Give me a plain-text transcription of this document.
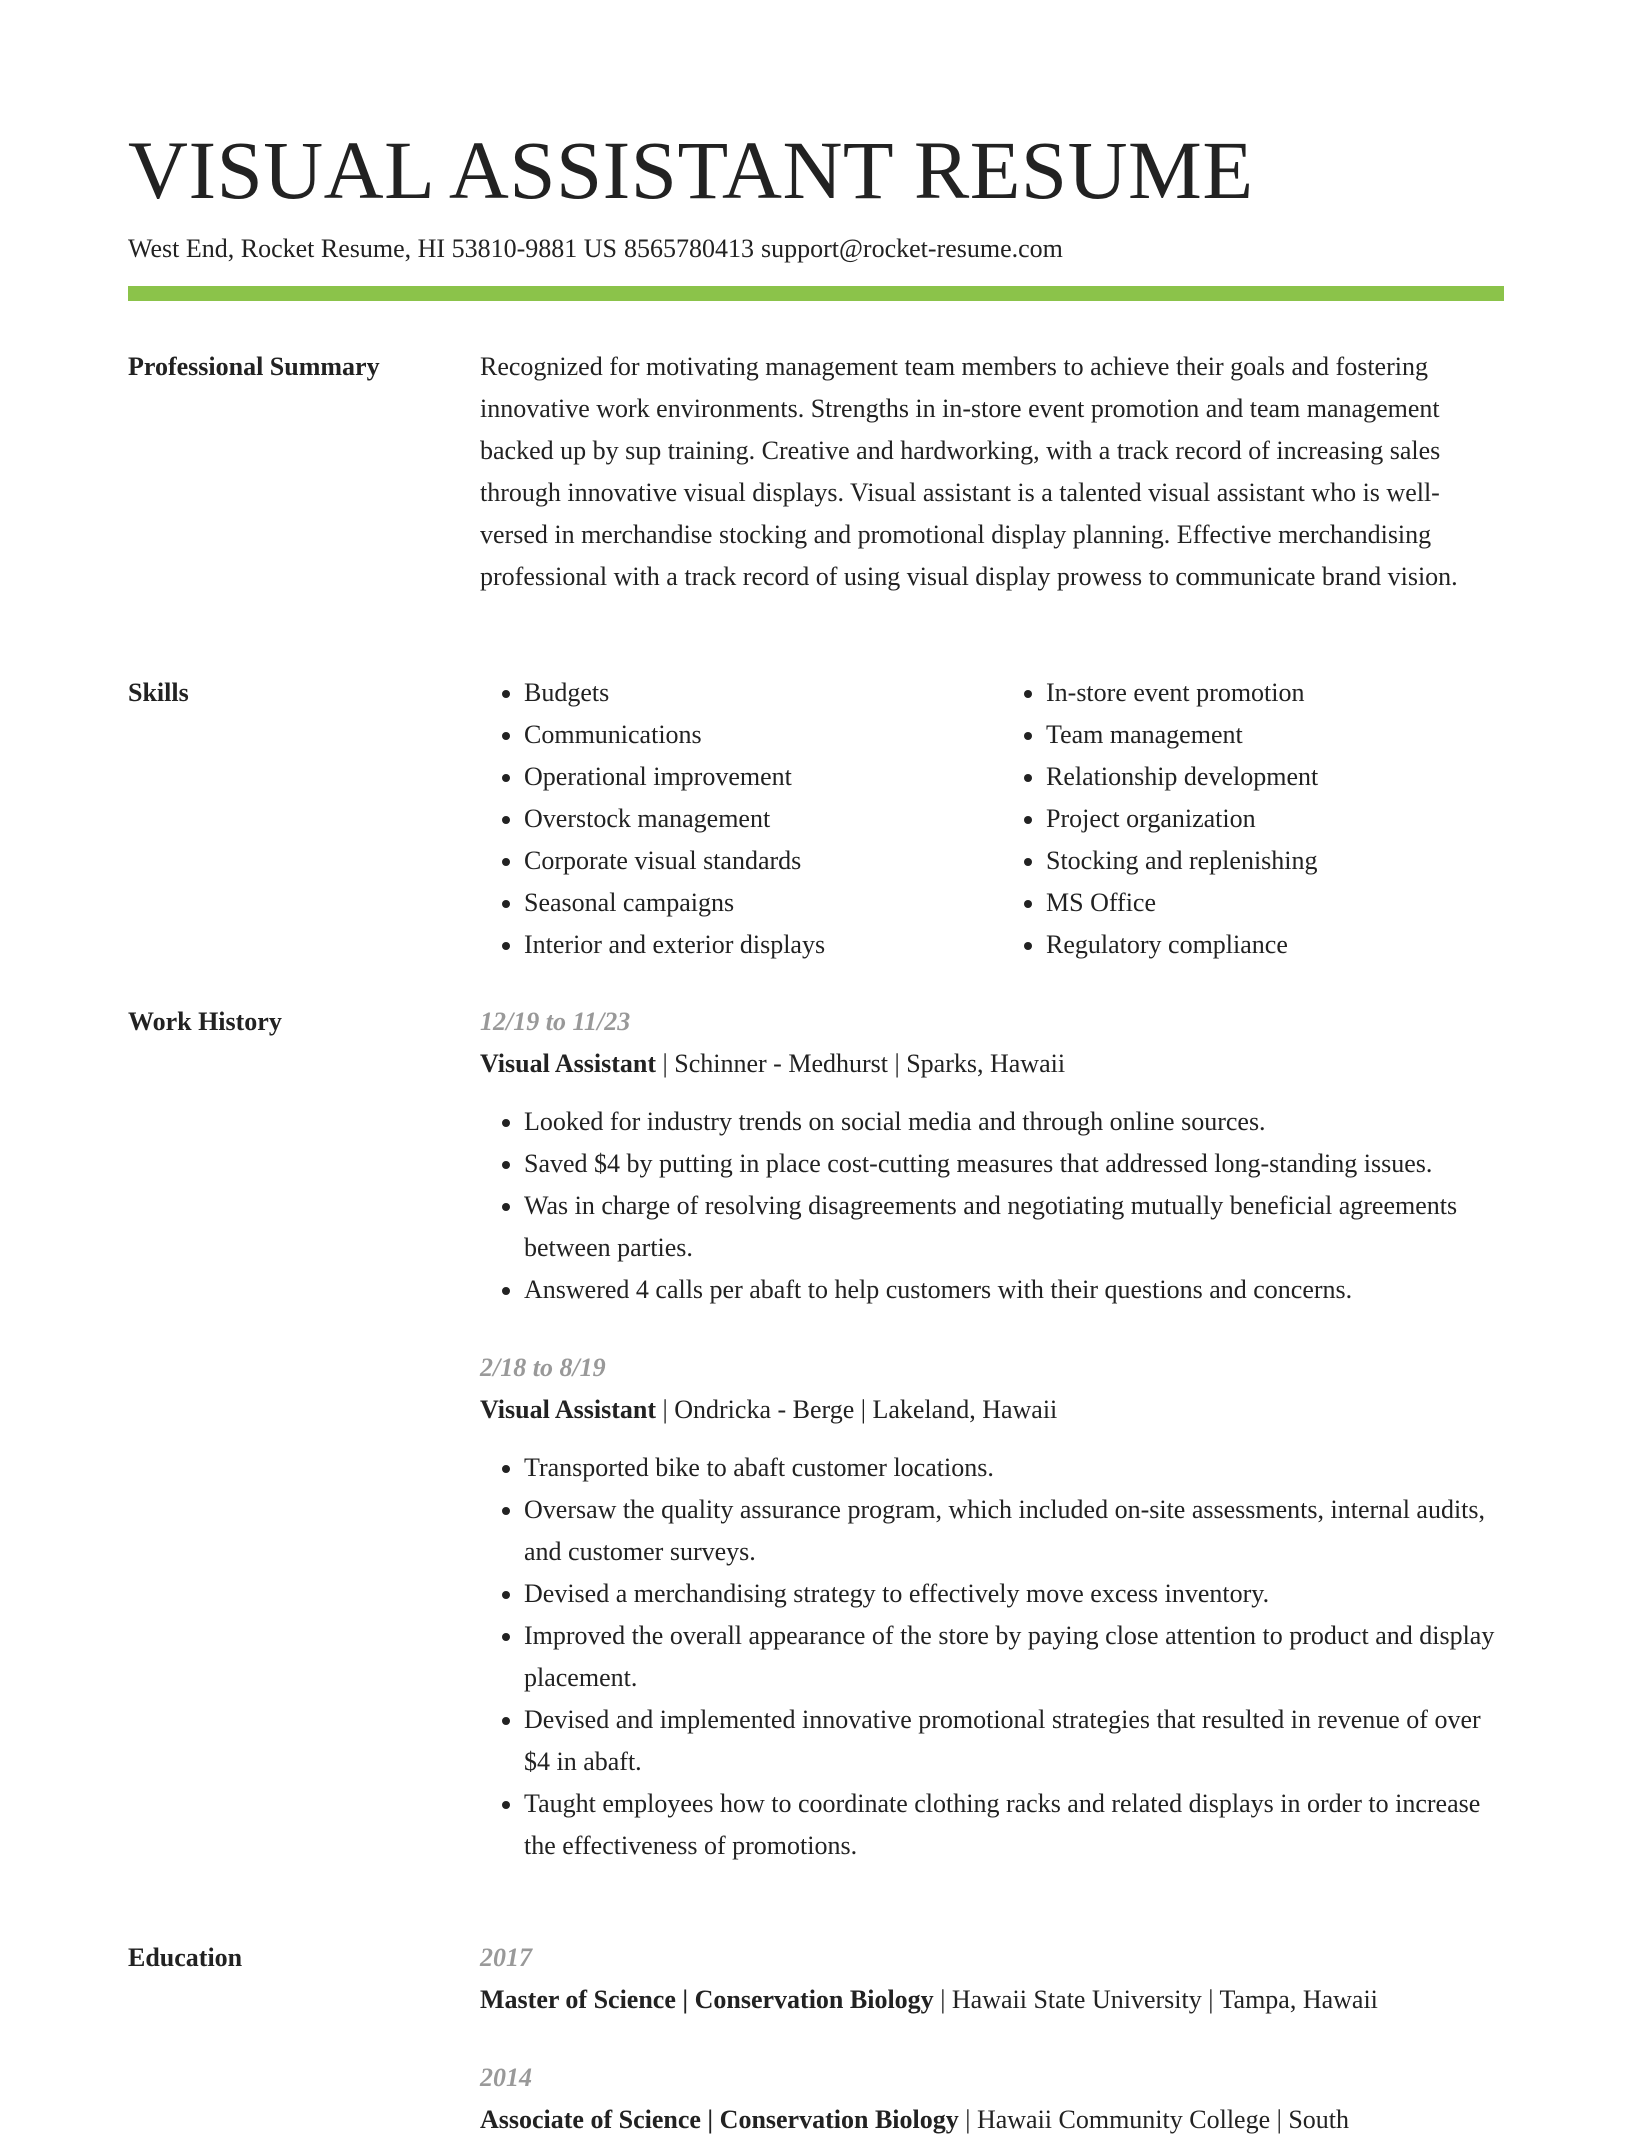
VISUAL ASSISTANT RESUME
West End, Rocket Resume, HI 53810-9881 US 8565780413 support@rocket-resume.com
Professional Summary	Recognized for motivating management team members to achieve their goals and fostering innovative work environments. Strengths in in-store event promotion and team management backed up by sup training. Creative and hardworking, with a track record of increasing sales through innovative visual displays. Visual assistant is a talented visual assistant who is well-versed in merchandise stocking and promotional display planning. Effective merchandising professional with a track record of using visual display prowess to communicate brand vision.

Skills
•	Budgets
• Communications
• Operational improvement
• Overstock management
• Corporate visual standards
• Seasonal campaigns
• Interior and exterior displays
• In-store event promotion
• Team management
• Relationship development
• Project organization
• Stocking and replenishing
• MS Office
• Regulatory compliance
Work History	12/19 to 11/23

Visual Assistant | Schinner - Medhurst | Sparks, Hawaii

• Looked for industry trends on social media and through online sources.
• Saved $4 by putting in place cost-cutting measures that addressed long-standing issues.
• Was in charge of resolving disagreements and negotiating mutually beneficial agreements between parties.
• Answered 4 calls per abaft to help customers with their questions and concerns.

2/18 to 8/19

Visual Assistant | Ondricka - Berge | Lakeland, Hawaii

• Transported bike to abaft customer locations.
• Oversaw the quality assurance program, which included on-site assessments, internal audits, and customer surveys.
• Devised a merchandising strategy to effectively move excess inventory.
• Improved the overall appearance of the store by paying close attention to product and display placement.
• Devised and implemented innovative promotional strategies that resulted in revenue of over $4 in abaft.
• Taught employees how to coordinate clothing racks and related displays in order to increase the effectiveness of promotions.
Education	2017

Master of Science | Conservation Biology | Hawaii State University | Tampa, Hawaii

2014

Associate of Science | Conservation Biology | Hawaii Community College | South
